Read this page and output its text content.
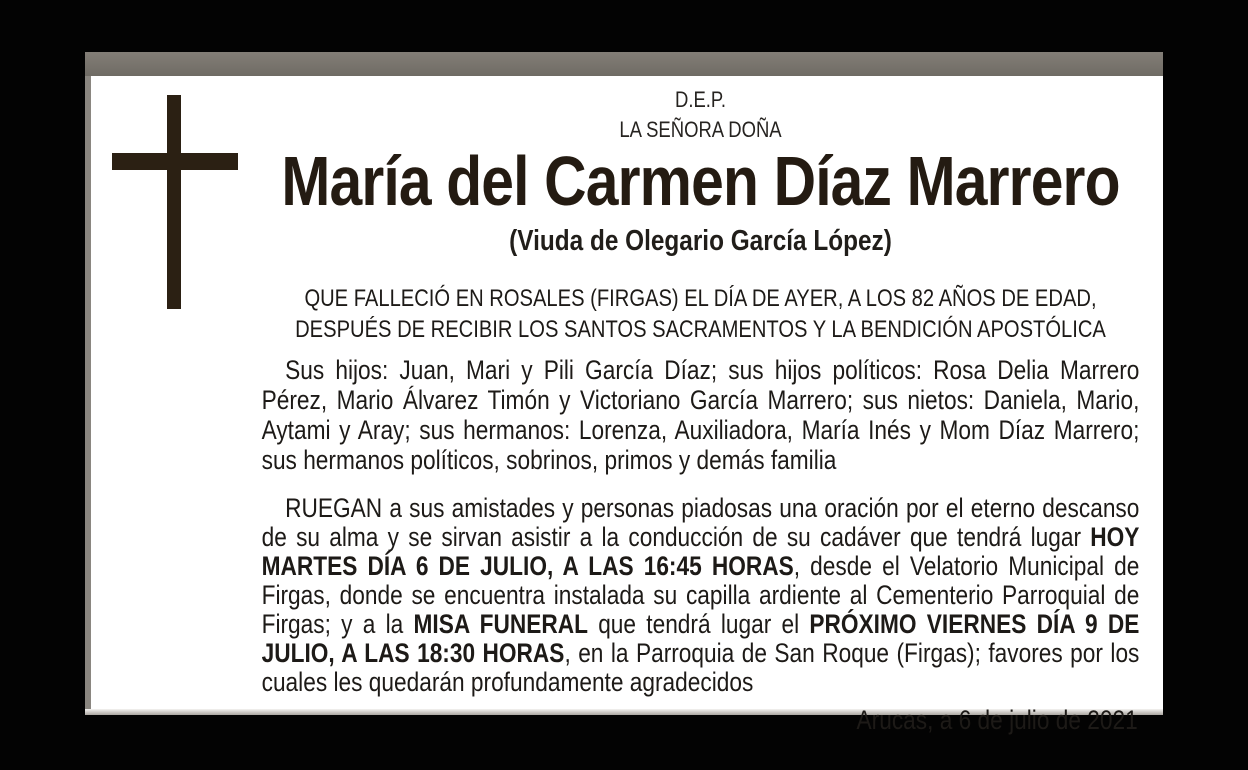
D.E.P.
LA SEÑORA DOÑA
María del Carmen Díaz Marrero
(Viuda de Olegario García López)
QUE FALLECIÓ EN ROSALES (FIRGAS) EL DÍA DE AYER, A LOS 82 AÑOS DE EDAD,
DESPUÉS DE RECIBIR LOS SANTOS SACRAMENTOS Y LA BENDICIÓN APOSTÓLICA
Sus hijos: Juan, Mari y Pili García Díaz; sus hijos políticos: Rosa Delia Marrero Pérez, Mario Álvarez Timón y Victoriano García Marrero; sus nietos: Daniela, Mario, Aytami y Aray; sus hermanos: Lorenza, Auxiliadora, María Inés y Mom Díaz Marrero; sus hermanos políticos, sobrinos, primos y demás familia
RUEGAN a sus amistades y personas piadosas una oración por el eterno descanso de su alma y se sirvan asistir a la conducción de su cadáver que tendrá lugar HOY MARTES DÍA 6 DE JULIO, A LAS 16:45 HORAS, desde el Velatorio Municipal de Firgas, donde se encuentra instalada su capilla ardiente al Cementerio Parroquial de Firgas; y a la MISA FUNERAL que tendrá lugar el PRÓXIMO VIERNES DÍA 9 DE JULIO, A LAS 18:30 HORAS, en la Parroquia de San Roque (Firgas); favores por los cuales les quedarán profundamente agradecidos
Arucas, a 6 de julio de 2021
